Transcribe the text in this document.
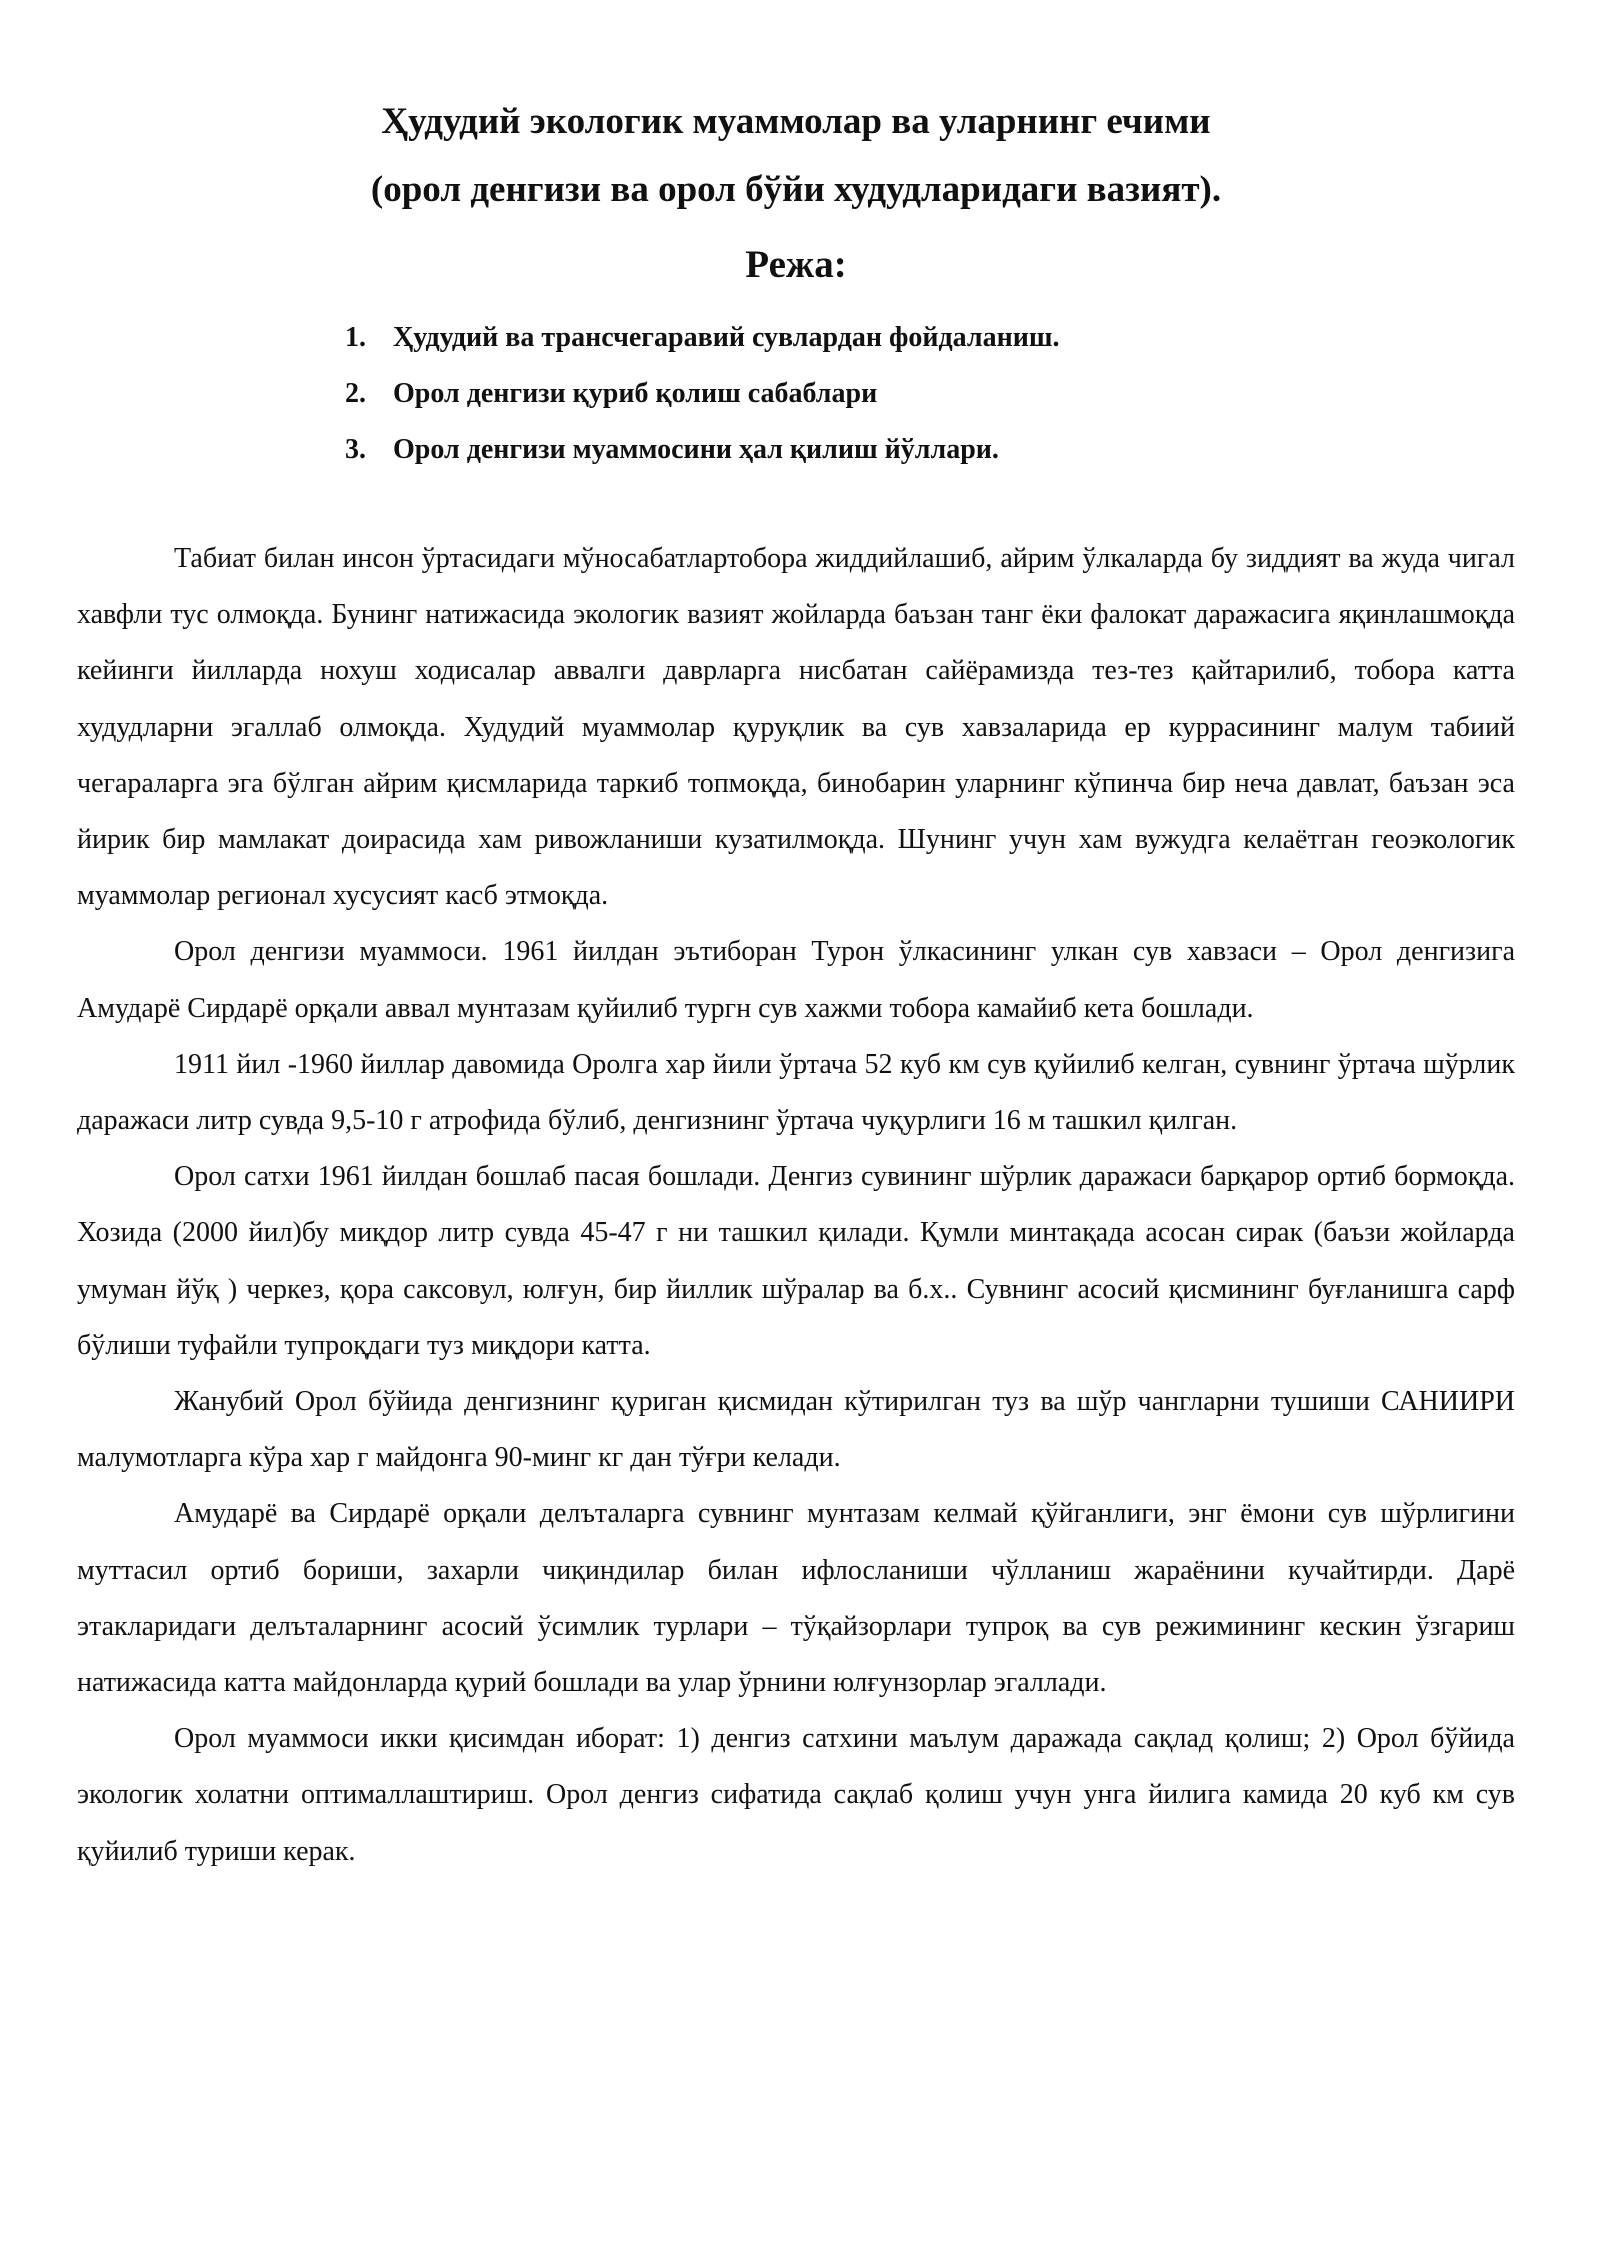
Ҳудудий экологик муаммолар ва уларнинг ечими
(орол денгизи ва орол бўйи худудларидаги вазият).
Режа:
1. Ҳудудий ва трансчегаравий сувлардан фойдаланиш.
2. Орол денгизи қуриб қолиш сабаблари
3. Орол денгизи муаммосини ҳал қилиш йўллари.

Табиат билан инсон ўртасидаги мўносабатлартобора жиддийлашиб, айрим ўлкаларда бу зиддият ва жуда чигал хавфли тус олмоқда. Бунинг натижасида экологик вазият жойларда баъзан танг ёки фалокат даражасига яқинлашмоқда кейинги йилларда нохуш ходисалар аввалги даврларга нисбатан сайёрамизда тез-тез қайтарилиб, тобора катта худудларни эгаллаб олмоқда. Худудий муаммолар қуруқлик ва сув хавзаларида ер куррасининг малум табиий чегараларга эга бўлган айрим қисмларида таркиб топмоқда, бинобарин уларнинг кўпинча бир неча давлат, баъзан эса йирик бир мамлакат доирасида хам ривожланиши кузатилмоқда. Шунинг учун хам вужудга келаётган геоэкологик муаммолар регионал хусусият касб этмоқда.

Орол денгизи муаммоси. 1961 йилдан эътиборан Турон ўлкасининг улкан сув хавзаси – Орол денгизига Амударё Сирдарё орқали аввал мунтазам қуйилиб тургн сув хажми тобора камайиб кета бошлади.

1911 йил -1960 йиллар давомида Оролга хар йили ўртача 52 куб км сув қуйилиб келган, сувнинг ўртача шўрлик даражаси литр сувда 9,5-10 г атрофида бўлиб, денгизнинг ўртача чуқурлиги 16 м ташкил қилган.

Орол сатхи 1961 йилдан бошлаб пасая бошлади. Денгиз сувининг шўрлик даражаси барқарор ортиб бормоқда. Хозида (2000 йил)бу миқдор литр сувда 45-47 г ни ташкил қилади. Қумли минтақада асосан сирак (баъзи жойларда умуман йўқ ) черкез, қора саксовул, юлғун, бир йиллик шўралар ва б.х.. Сувнинг асосий қисмининг буғланишга сарф бўлиши туфайли тупроқдаги туз миқдори катта.

Жанубий Орол бўйида денгизнинг қуриган қисмидан кўтирилган туз ва шўр чангларни тушиши САНИИРИ малумотларга кўра хар г майдонга 90-минг кг дан тўғри келади.

Амударё ва Сирдарё орқали делъталарга сувнинг мунтазам келмай қўйганлиги, энг ёмони сув шўрлигини муттасил ортиб бориши, захарли чиқиндилар билан ифлосланиши чўлланиш жараёнини кучайтирди. Дарё этакларидаги делъталарнинг асосий ўсимлик турлари – тўқайзорлари тупроқ ва сув режимининг кескин ўзгариш натижасида катта майдонларда қурий бошлади ва улар ўрнини юлғунзорлар эгаллади.

Орол муаммоси икки қисимдан иборат: 1) денгиз сатхини маълум даражада сақлад қолиш; 2) Орол бўйида экологик холатни оптималлаштириш. Орол денгиз сифатида сақлаб қолиш учун унга йилига камида 20 куб км сув қуйилиб туриши керак.
